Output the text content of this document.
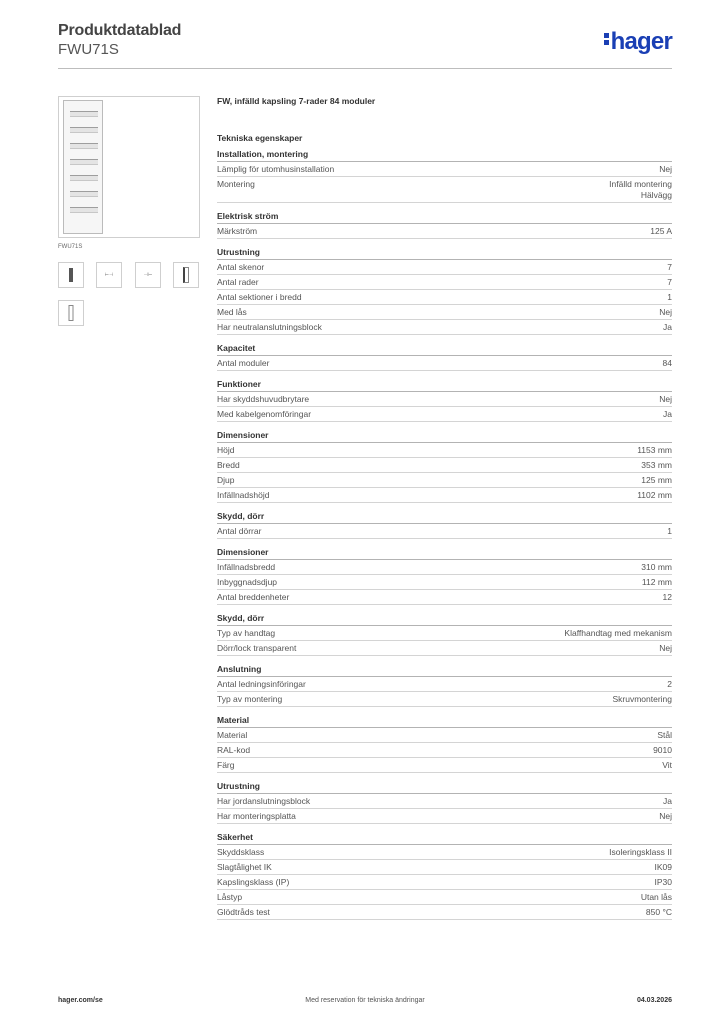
Produktdatablad
FWU71S	hager
FWU71S
⊢⊣	⊣⊢
FW, infälld kapsling 7-rader 84 moduler
Tekniska egenskaper
Installation, montering
Lämplig för utomhusinstallation	Nej
Montering	Infälld montering
Hälvägg
Elektrisk ström
Märkström	125 A
Utrustning
Antal skenor	7
Antal rader	7
Antal sektioner i bredd	1
Med lås	Nej
Har neutralanslutningsblock	Ja
Kapacitet
Antal moduler	84
Funktioner
Har skyddshuvudbrytare	Nej
Med kabelgenomföringar	Ja
Dimensioner
Höjd	1153 mm
Bredd	353 mm
Djup	125 mm
Infällnadshöjd	1102 mm
Skydd, dörr
Antal dörrar	1
Dimensioner
Infällnadsbredd	310 mm
Inbyggnadsdjup	112 mm
Antal breddenheter	12
Skydd, dörr
Typ av handtag	Klaffhandtag med mekanism
Dörr/lock transparent	Nej
Anslutning
Antal ledningsinföringar	2
Typ av montering	Skruvmontering
Material
Material	Stål
RAL-kod	9010
Färg	Vit
Utrustning
Har jordanslutningsblock	Ja
Har monteringsplatta	Nej
Säkerhet
Skyddsklass	Isoleringsklass II
Slagtålighet IK	IK09
Kapslingsklass (IP)	IP30
Låstyp	Utan lås
Glödtråds test	850 °C
hager.com/se	Med reservation för tekniska ändringar	04.03.2026
